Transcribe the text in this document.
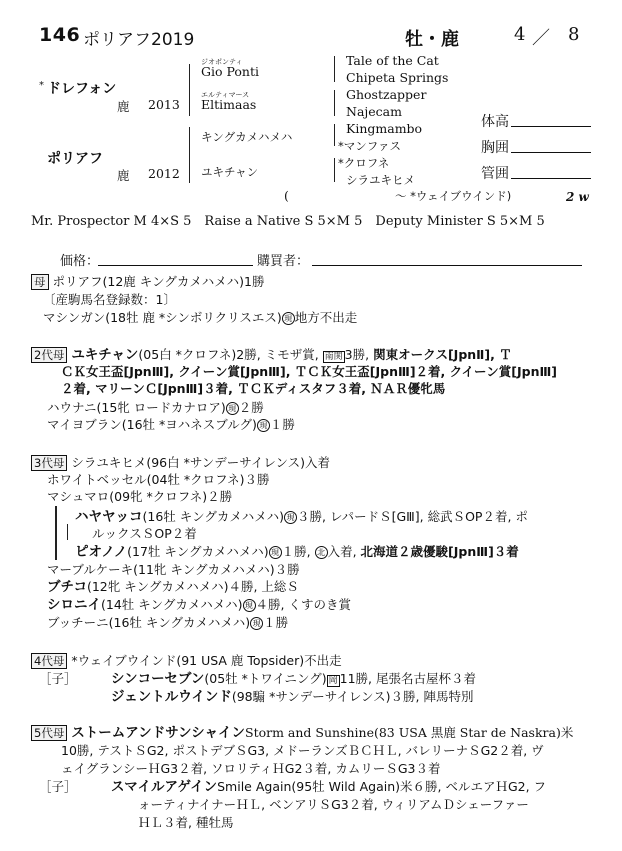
146 ポリアフ2019	牡・鹿	4 ／ 8
* ドレフォン
鹿 2013
ポリアフ
鹿 2012
ジオポンティ
Gio Ponti
エルティマース
Eltimaas
キングカメハメハ
ユキチャン
Tale of the Cat
Chipeta Springs
Ghostzapper
Najecam
Kingmambo
*マンファス
*クロフネ
シラユキヒメ
体高
胸囲
管囲
(	～ *ウェイブウインド)	2 w
Mr. Prospector M 4×S 5　Raise a Native S 5×M 5　Deputy Minister S 5×M 5
価格：	購買者：
母 ポリアフ(12鹿 キングカメハメハ)1勝
〔産駒馬名登録数：1〕
マシンガン(18牡 鹿 *シンボリクリスエス) 現 地方不出走
2代母 ユキチャン(05白 *クロフネ)2勝, ミモザ賞, 南関 3勝, 関東オークス[JpnⅡ], Ｔ
ＣＫ女王盃[JpnⅢ], クイーン賞[JpnⅢ], ＴＣＫ女王盃[JpnⅢ]２着, クイーン賞[JpnⅢ]
２着, マリーンＣ[JpnⅢ]３着, ＴＣＫディスタフ３着, ＮＡＲ優牝馬
ハウナニ(15牝 ロードカナロア) 現 ２勝
マイヨブラン(16牡 *ヨハネスブルグ) 現 １勝
3代母 シラユキヒメ(96白 *サンデーサイレンス)入着
ホワイトベッセル(04牡 *クロフネ)３勝
マシュマロ(09牝 *クロフネ)２勝
ハヤヤッコ(16牡 キングカメハメハ) 現 ３勝, レパードＳ[GⅢ], 総武ＳOP２着, ポ
ルックスＳOP２着
ピオノノ(17牡 キングカメハメハ) 現 １勝, 北 入着, 北海道２歳優駿[JpnⅢ]３着
マーブルケーキ(11牝 キングカメハメハ)３勝
ブチコ(12牝 キングカメハメハ)４勝, 上総Ｓ
シロニイ(14牡 キングカメハメハ) 現 ４勝, くすのき賞
ブッチーニ(16牡 キングカメハメハ) 現 １勝
4代母 *ウェイブウインド(91 USA 鹿 Topsider)不出走
［子］	シンコーセブン(05牡 *トワイニング) 岡 11勝, 尾張名古屋杯３着
ジェントルウインド(98騸 *サンデーサイレンス)３勝, 陣馬特別
5代母 ストームアンドサンシャインStorm and Sunshine(83 USA 黒鹿 Star de Naskra)米
10勝, テストＳG2, ポストデブＳG3, メドーランズＢＣＨＬ, バレリーナＳG2２着, ヴ
ェイグランシーＨG3２着, ソロリティＨG2３着, カムリーＳG3３着
［子］	スマイルアゲインSmile Again(95牡 Wild Again)米６勝, ベルエアＨG2, フ
ォーティナイナーＨＬ, ベンアリＳG3２着, ウィリアムＤシェーファー
ＨＬ３着, 種牡馬
